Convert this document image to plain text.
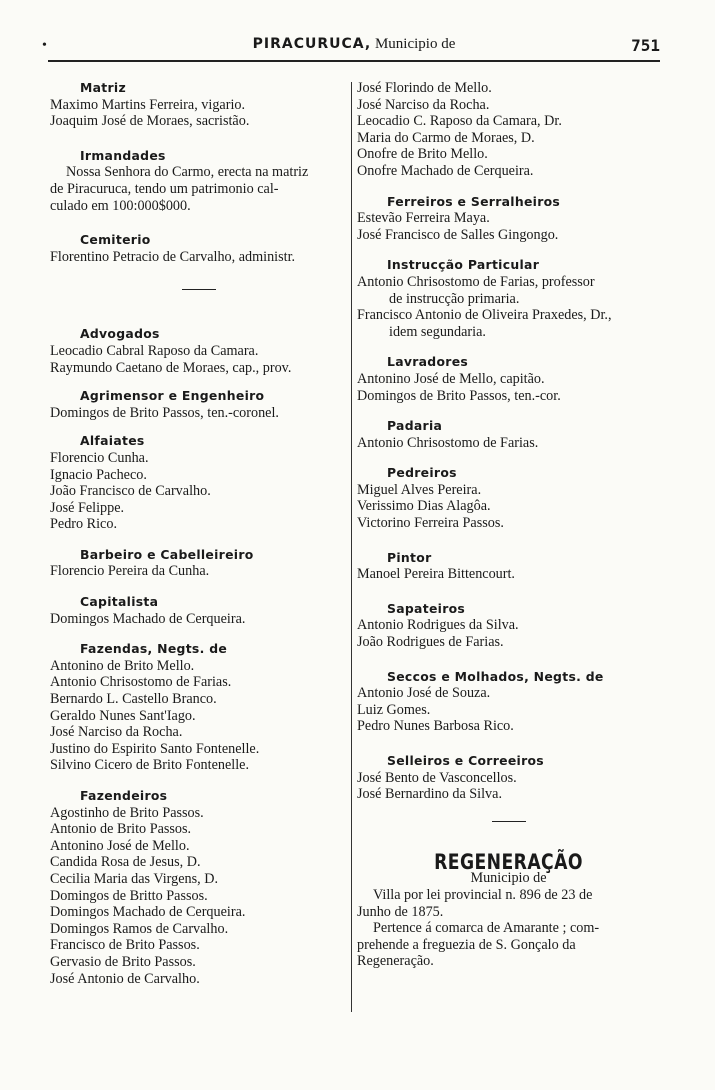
•	PIRACURUCA, Municipio de	751
Matriz
Maximo Martins Ferreira, vigario.
Joaquim José de Moraes, sacristão.
Irmandades
Nossa Senhora do Carmo, erecta na matriz
de Piracuruca, tendo um patrimonio cal-
culado em 100:000$000.
Cemiterio
Florentino Petracio de Carvalho, administr.
Advogados
Leocadio Cabral Raposo da Camara.
Raymundo Caetano de Moraes, cap., prov.
Agrimensor e Engenheiro
Domingos de Brito Passos, ten.-coronel.
Alfaiates
Florencio Cunha.
Ignacio Pacheco.
João Francisco de Carvalho.
José Felippe.
Pedro Rico.
Barbeiro e Cabelleireiro
Florencio Pereira da Cunha.
Capitalista
Domingos Machado de Cerqueira.
Fazendas, Negts. de
Antonino de Brito Mello.
Antonio Chrisostomo de Farias.
Bernardo L. Castello Branco.
Geraldo Nunes Sant'Iago.
José Narciso da Rocha.
Justino do Espirito Santo Fontenelle.
Silvino Cicero de Brito Fontenelle.
Fazendeiros
Agostinho de Brito Passos.
Antonio de Brito Passos.
Antonino José de Mello.
Candida Rosa de Jesus, D.
Cecilia Maria das Virgens, D.
Domingos de Britto Passos.
Domingos Machado de Cerqueira.
Domingos Ramos de Carvalho.
Francisco de Brito Passos.
Gervasio de Brito Passos.
José Antonio de Carvalho.
José Florindo de Mello.
José Narciso da Rocha.
Leocadio C. Raposo da Camara, Dr.
Maria do Carmo de Moraes, D.
Onofre de Brito Mello.
Onofre Machado de Cerqueira.
Ferreiros e Serralheiros
Estevão Ferreira Maya.
José Francisco de Salles Gingongo.
Instrucção Particular
Antonio Chrisostomo de Farias, professor
de instrucção primaria.
Francisco Antonio de Oliveira Praxedes, Dr.,
idem segundaria.
Lavradores
Antonino José de Mello, capitão.
Domingos de Brito Passos, ten.-cor.
Padaria
Antonio Chrisostomo de Farias.
Pedreiros
Miguel Alves Pereira.
Verissimo Dias Alagôa.
Victorino Ferreira Passos.
Pintor
Manoel Pereira Bittencourt.
Sapateiros
Antonio Rodrigues da Silva.
João Rodrigues de Farias.
Seccos e Molhados, Negts. de
Antonio José de Souza.
Luiz Gomes.
Pedro Nunes Barbosa Rico.
Selleiros e Correeiros
José Bento de Vasconcellos.
José Bernardino da Silva.
REGENERAÇÃO
Municipio de
Villa por lei provincial n. 896 de 23 de
Junho de 1875.
Pertence á comarca de Amarante ; com-
prehende a freguezia de S. Gonçalo da
Regeneração.
